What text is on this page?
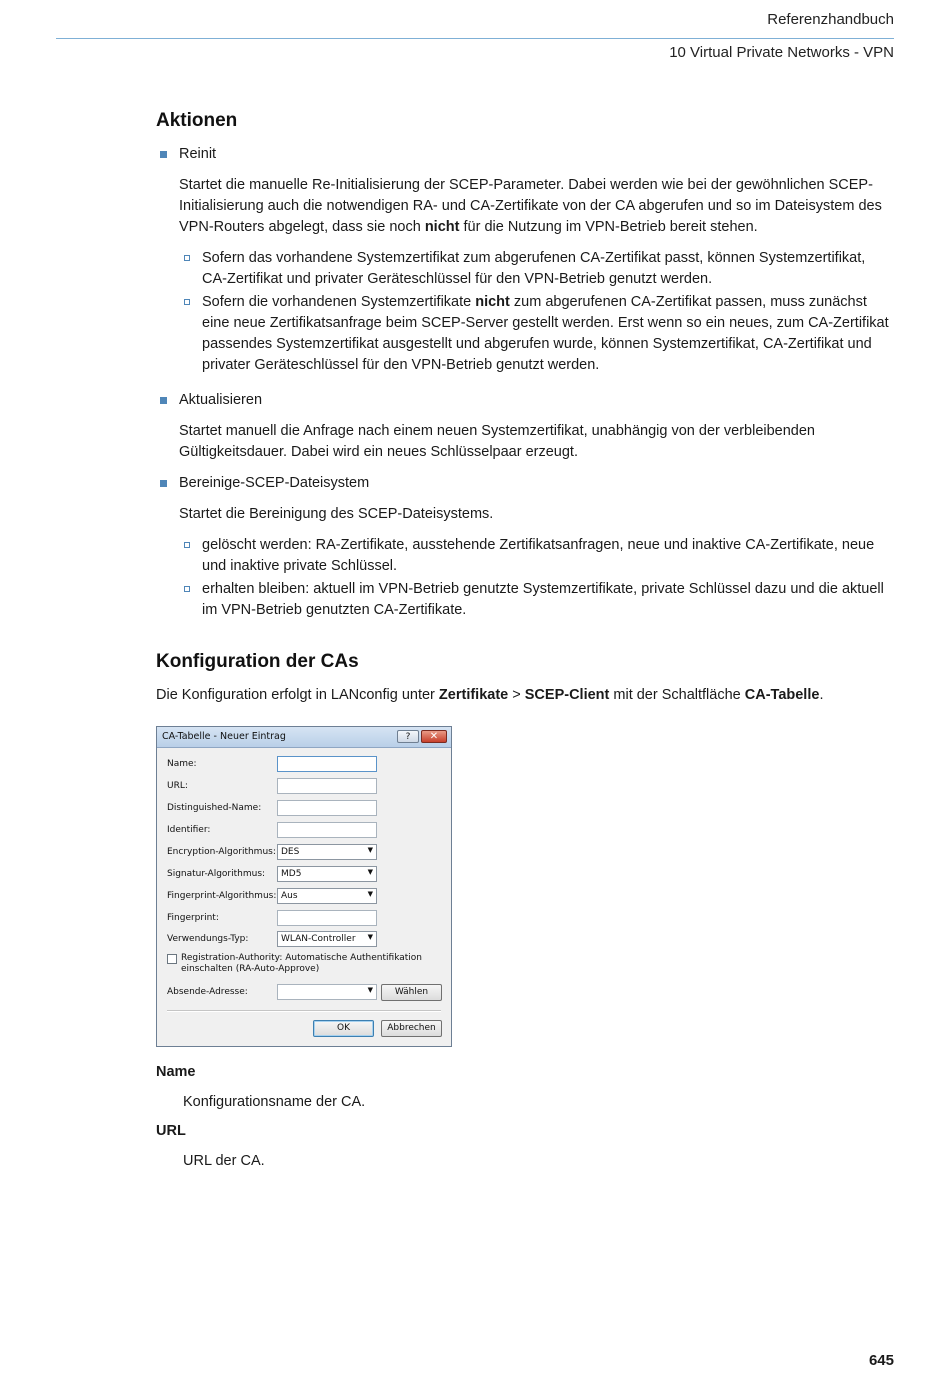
Referenzhandbuch
10 Virtual Private Networks - VPN
Aktionen
Reinit
Startet die manuelle Re-Initialisierung der SCEP-Parameter. Dabei werden wie bei der gewöhnlichen SCEP-Initialisierung auch die notwendigen RA- und CA-Zertifikate von der CA abgerufen und so im Dateisystem des VPN-Routers abgelegt, dass sie noch nicht für die Nutzung im VPN-Betrieb bereit stehen.
Sofern das vorhandene Systemzertifikat zum abgerufenen CA-Zertifikat passt, können Systemzertifikat, CA-Zertifikat und privater Geräteschlüssel für den VPN-Betrieb genutzt werden.
Sofern die vorhandenen Systemzertifikate nicht zum abgerufenen CA-Zertifikat passen, muss zunächst eine neue Zertifikatsanfrage beim SCEP-Server gestellt werden. Erst wenn so ein neues, zum CA-Zertifikat passendes Systemzertifikat ausgestellt und abgerufen wurde, können Systemzertifikat, CA-Zertifikat und privater Geräteschlüssel für den VPN-Betrieb genutzt werden.
Aktualisieren
Startet manuell die Anfrage nach einem neuen Systemzertifikat, unabhängig von der verbleibenden Gültigkeitsdauer. Dabei wird ein neues Schlüsselpaar erzeugt.
Bereinige-SCEP-Dateisystem
Startet die Bereinigung des SCEP-Dateisystems.
gelöscht werden: RA-Zertifikate, ausstehende Zertifikatsanfragen, neue und inaktive CA-Zertifikate, neue und inaktive private Schlüssel.
erhalten bleiben: aktuell im VPN-Betrieb genutzte Systemzertifikate, private Schlüssel dazu und die aktuell im VPN-Betrieb genutzten CA-Zertifikate.
Konfiguration der CAs
Die Konfiguration erfolgt in LANconfig unter Zertifikate > SCEP-Client mit der Schaltfläche CA-Tabelle.
CA-Tabelle - Neuer Eintrag	?	✕
Name:
URL:
Distinguished-Name:
Identifier:
Encryption-Algorithmus: DES	▼
Signatur-Algorithmus: MD5	▼
Fingerprint-Algorithmus: Aus	▼
Fingerprint:
Verwendungs-Typ:	WLAN-Controller ▼
Registration-Authority: Automatische Authentifikation einschalten (RA-Auto-Approve)
Absende-Adresse:	▼	Wählen
OK	Abbrechen
Name
Konfigurationsname der CA.
URL
URL der CA.
645
